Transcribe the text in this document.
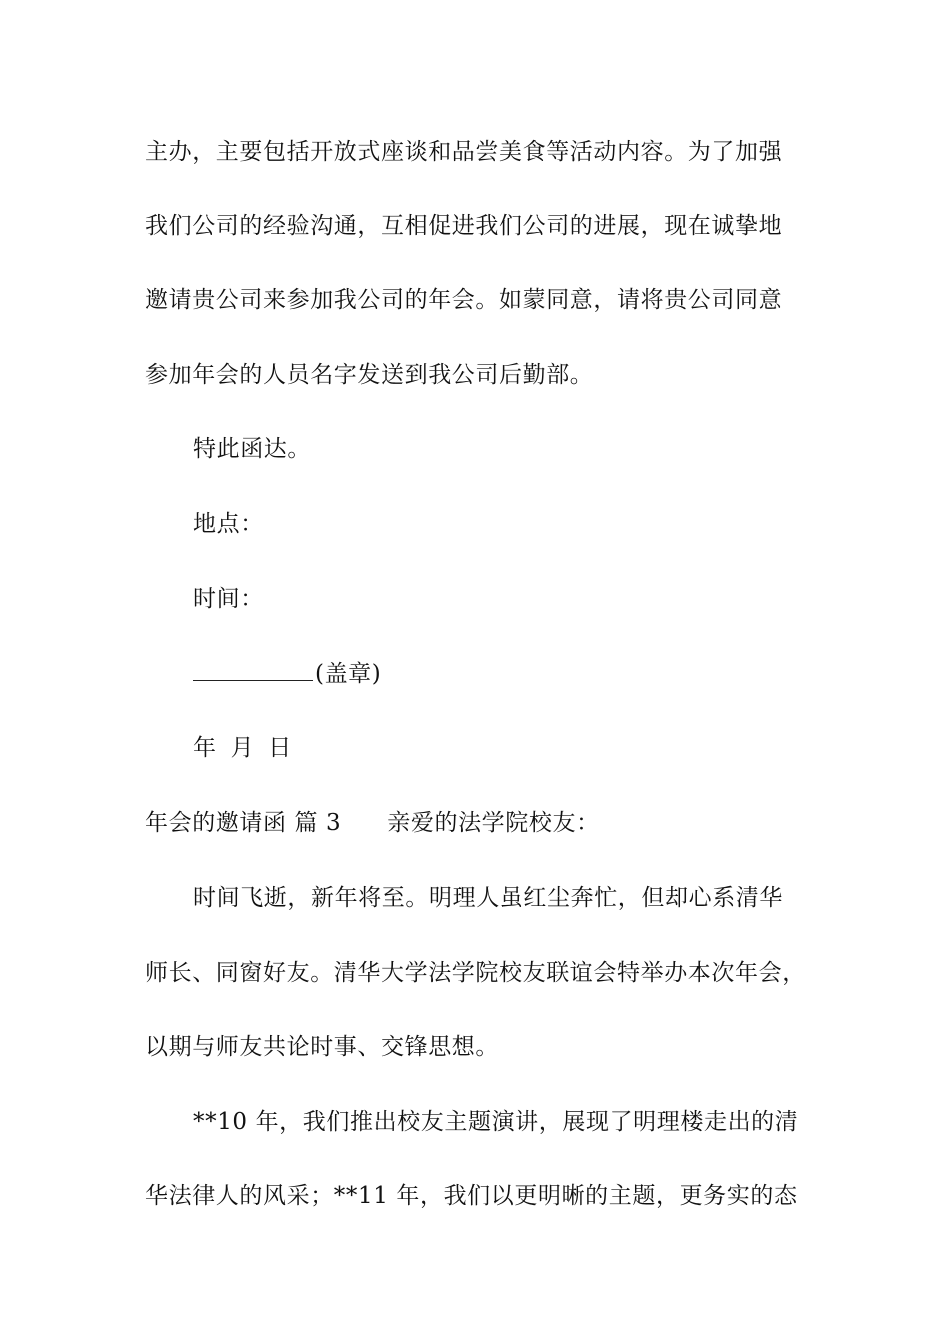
主办，主要包括开放式座谈和品尝美食等活动内容。为了加强
我们公司的经验沟通，互相促进我们公司的进展，现在诚挚地
邀请贵公司来参加我公司的年会。如蒙同意，请将贵公司同意
参加年会的人员名字发送到我公司后勤部。
特此函达。
地点：
时间：
(盖章)
年 月 日
年会的邀请函 篇 3 亲爱的法学院校友：
时间飞逝，新年将至。明理人虽红尘奔忙，但却心系清华
师长、同窗好友。清华大学法学院校友联谊会特举办本次年会，
以期与师友共论时事、交锋思想。
**10 年，我们推出校友主题演讲，展现了明理楼走出的清
华法律人的风采；**11 年，我们以更明晰的主题，更务实的态
